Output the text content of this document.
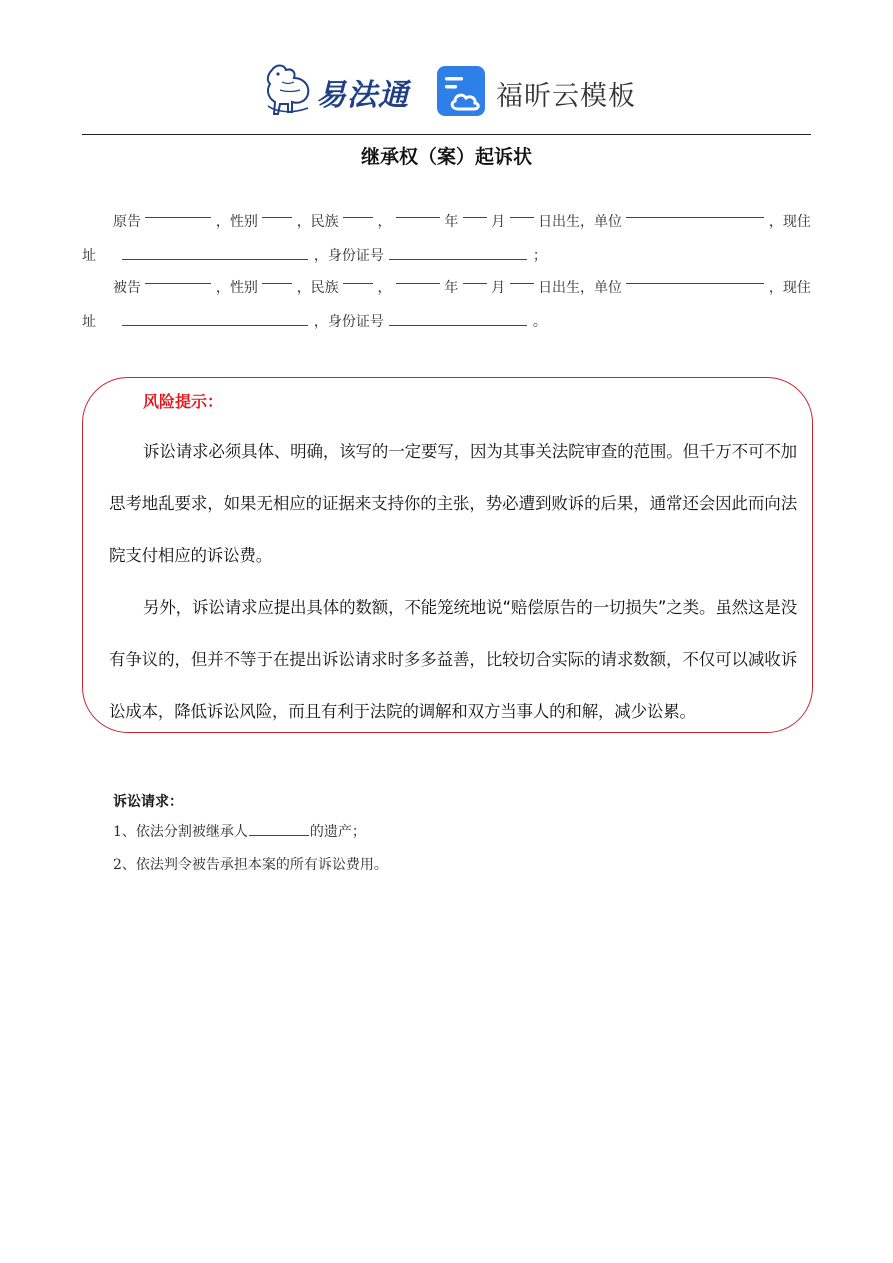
易法通	福昕云模板
继承权（案）起诉状
原告	，性别	，民族	，	年 月 日出生，单位	，现住
址	，身份证号	；
被告	，性别	，民族	，	年 月 日出生，单位	，现住
址	，身份证号	。
风险提示：
诉讼请求必须具体、明确，该写的一定要写，因为其事关法院审查的范围。但千万不可不加思考地乱要求，如果无相应的证据来支持你的主张，势必遭到败诉的后果，通常还会因此而向法院支付相应的诉讼费。
另外，诉讼请求应提出具体的数额，不能笼统地说“赔偿原告的一切损失”之类。虽然这是没有争议的，但并不等于在提出诉讼请求时多多益善，比较切合实际的请求数额，不仅可以减收诉讼成本，降低诉讼风险，而且有利于法院的调解和双方当事人的和解，减少讼累。
诉讼请求：
1、依法分割被继承人	的遗产；
2、依法判令被告承担本案的所有诉讼费用。
